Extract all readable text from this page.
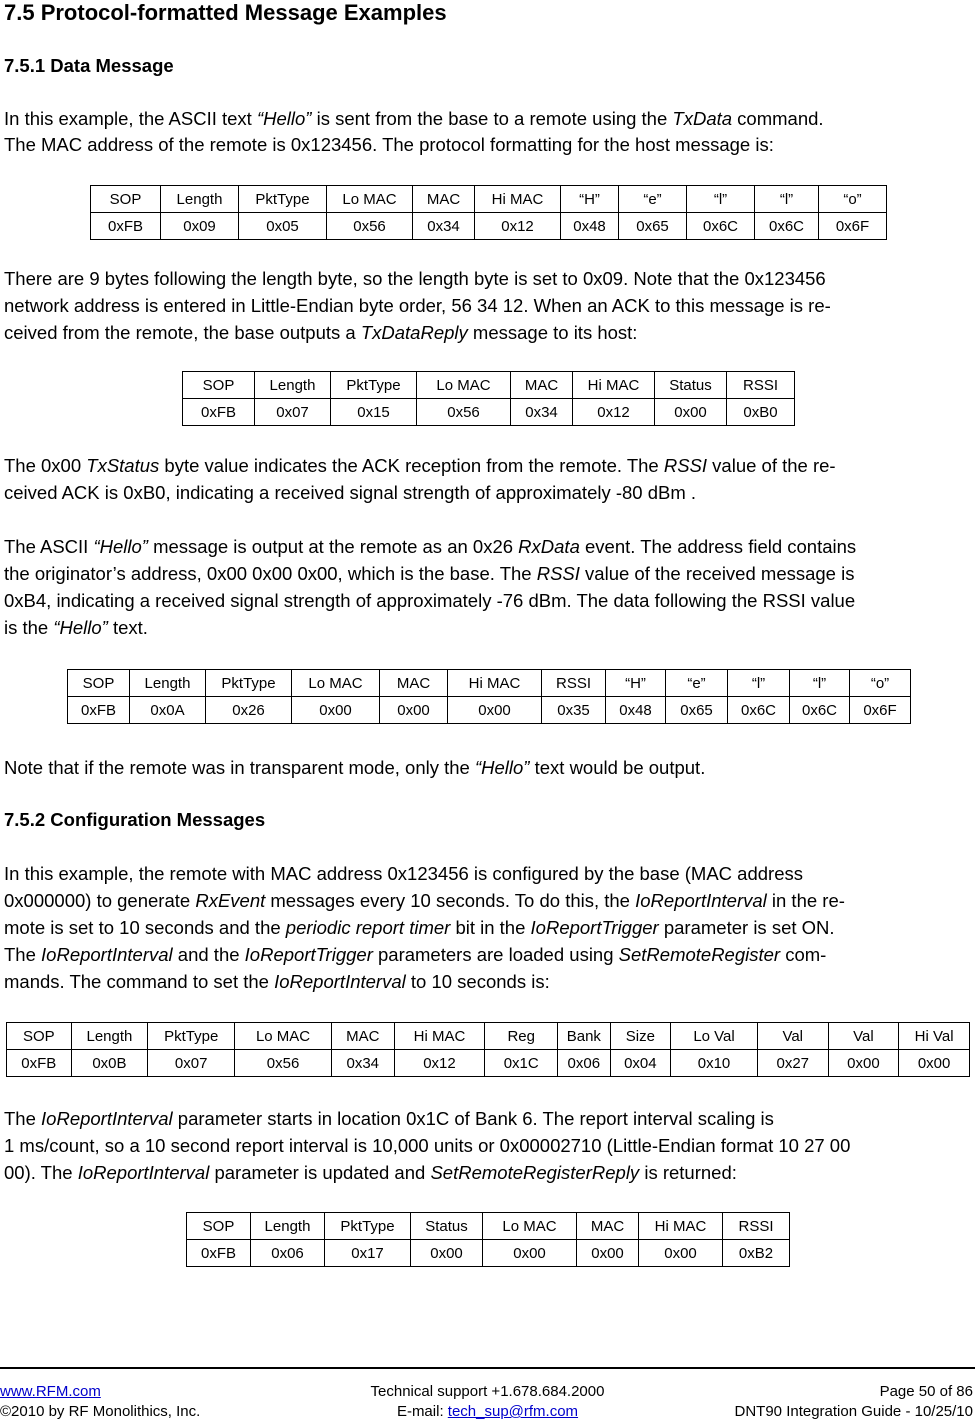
7.5 Protocol-formatted Message Examples
7.5.1 Data Message
In this example, the ASCII text “Hello” is sent from the base to a remote using the TxData command.
The MAC address of the remote is 0x123456. The protocol formatting for the host message is:
SOP	Length	PktType	Lo MAC	MAC	Hi MAC	“H”	“e”	“l”	“l”	“o”
0xFB	0x09	0x05	0x56	0x34	0x12	0x48	0x65	0x6C	0x6C	0x6F
There are 9 bytes following the length byte, so the length byte is set to 0x09. Note that the 0x123456
network address is entered in Little-Endian byte order, 56 34 12. When an ACK to this message is re-
ceived from the remote, the base outputs a TxDataReply message to its host:
SOP	Length	PktType	Lo MAC	MAC	Hi MAC	Status	RSSI
0xFB	0x07	0x15	0x56	0x34	0x12	0x00	0xB0
The 0x00 TxStatus byte value indicates the ACK reception from the remote. The RSSI value of the re-
ceived ACK is 0xB0, indicating a received signal strength of approximately -80 dBm .
The ASCII “Hello” message is output at the remote as an 0x26 RxData event. The address field contains
the originator’s address, 0x00 0x00 0x00, which is the base. The RSSI value of the received message is
0xB4, indicating a received signal strength of approximately -76 dBm. The data following the RSSI value
is the “Hello” text.
SOP	Length	PktType	Lo MAC	MAC	Hi MAC	RSSI	“H”	“e”	“l”	“l”	“o”
0xFB	0x0A	0x26	0x00	0x00	0x00	0x35	0x48	0x65	0x6C	0x6C	0x6F
Note that if the remote was in transparent mode, only the “Hello” text would be output.
7.5.2 Configuration Messages
In this example, the remote with MAC address 0x123456 is configured by the base (MAC address
0x000000) to generate RxEvent messages every 10 seconds. To do this, the IoReportInterval in the re-
mote is set to 10 seconds and the periodic report timer bit in the IoReportTrigger parameter is set ON.
The IoReportInterval and the IoReportTrigger parameters are loaded using SetRemoteRegister com-
mands. The command to set the IoReportInterval to 10 seconds is:
SOP	Length	PktType	Lo MAC	MAC	Hi MAC	Reg	Bank	Size	Lo Val	Val	Val	Hi Val
0xFB	0x0B	0x07	0x56	0x34	0x12	0x1C	0x06	0x04	0x10	0x27	0x00	0x00
The IoReportInterval parameter starts in location 0x1C of Bank 6. The report interval scaling is
1 ms/count, so a 10 second report interval is 10,000 units or 0x00002710 (Little-Endian format 10 27 00
00). The IoReportInterval parameter is updated and SetRemoteRegisterReply is returned:
SOP	Length	PktType	Status	Lo MAC	MAC	Hi MAC	RSSI
0xFB	0x06	0x17	0x00	0x00	0x00	0x00	0xB2
www.RFM.com
©2010 by RF Monolithics, Inc.
Technical support +1.678.684.2000
E-mail: tech_sup@rfm.com
Page 50 of 86
DNT90 Integration Guide - 10/25/10
